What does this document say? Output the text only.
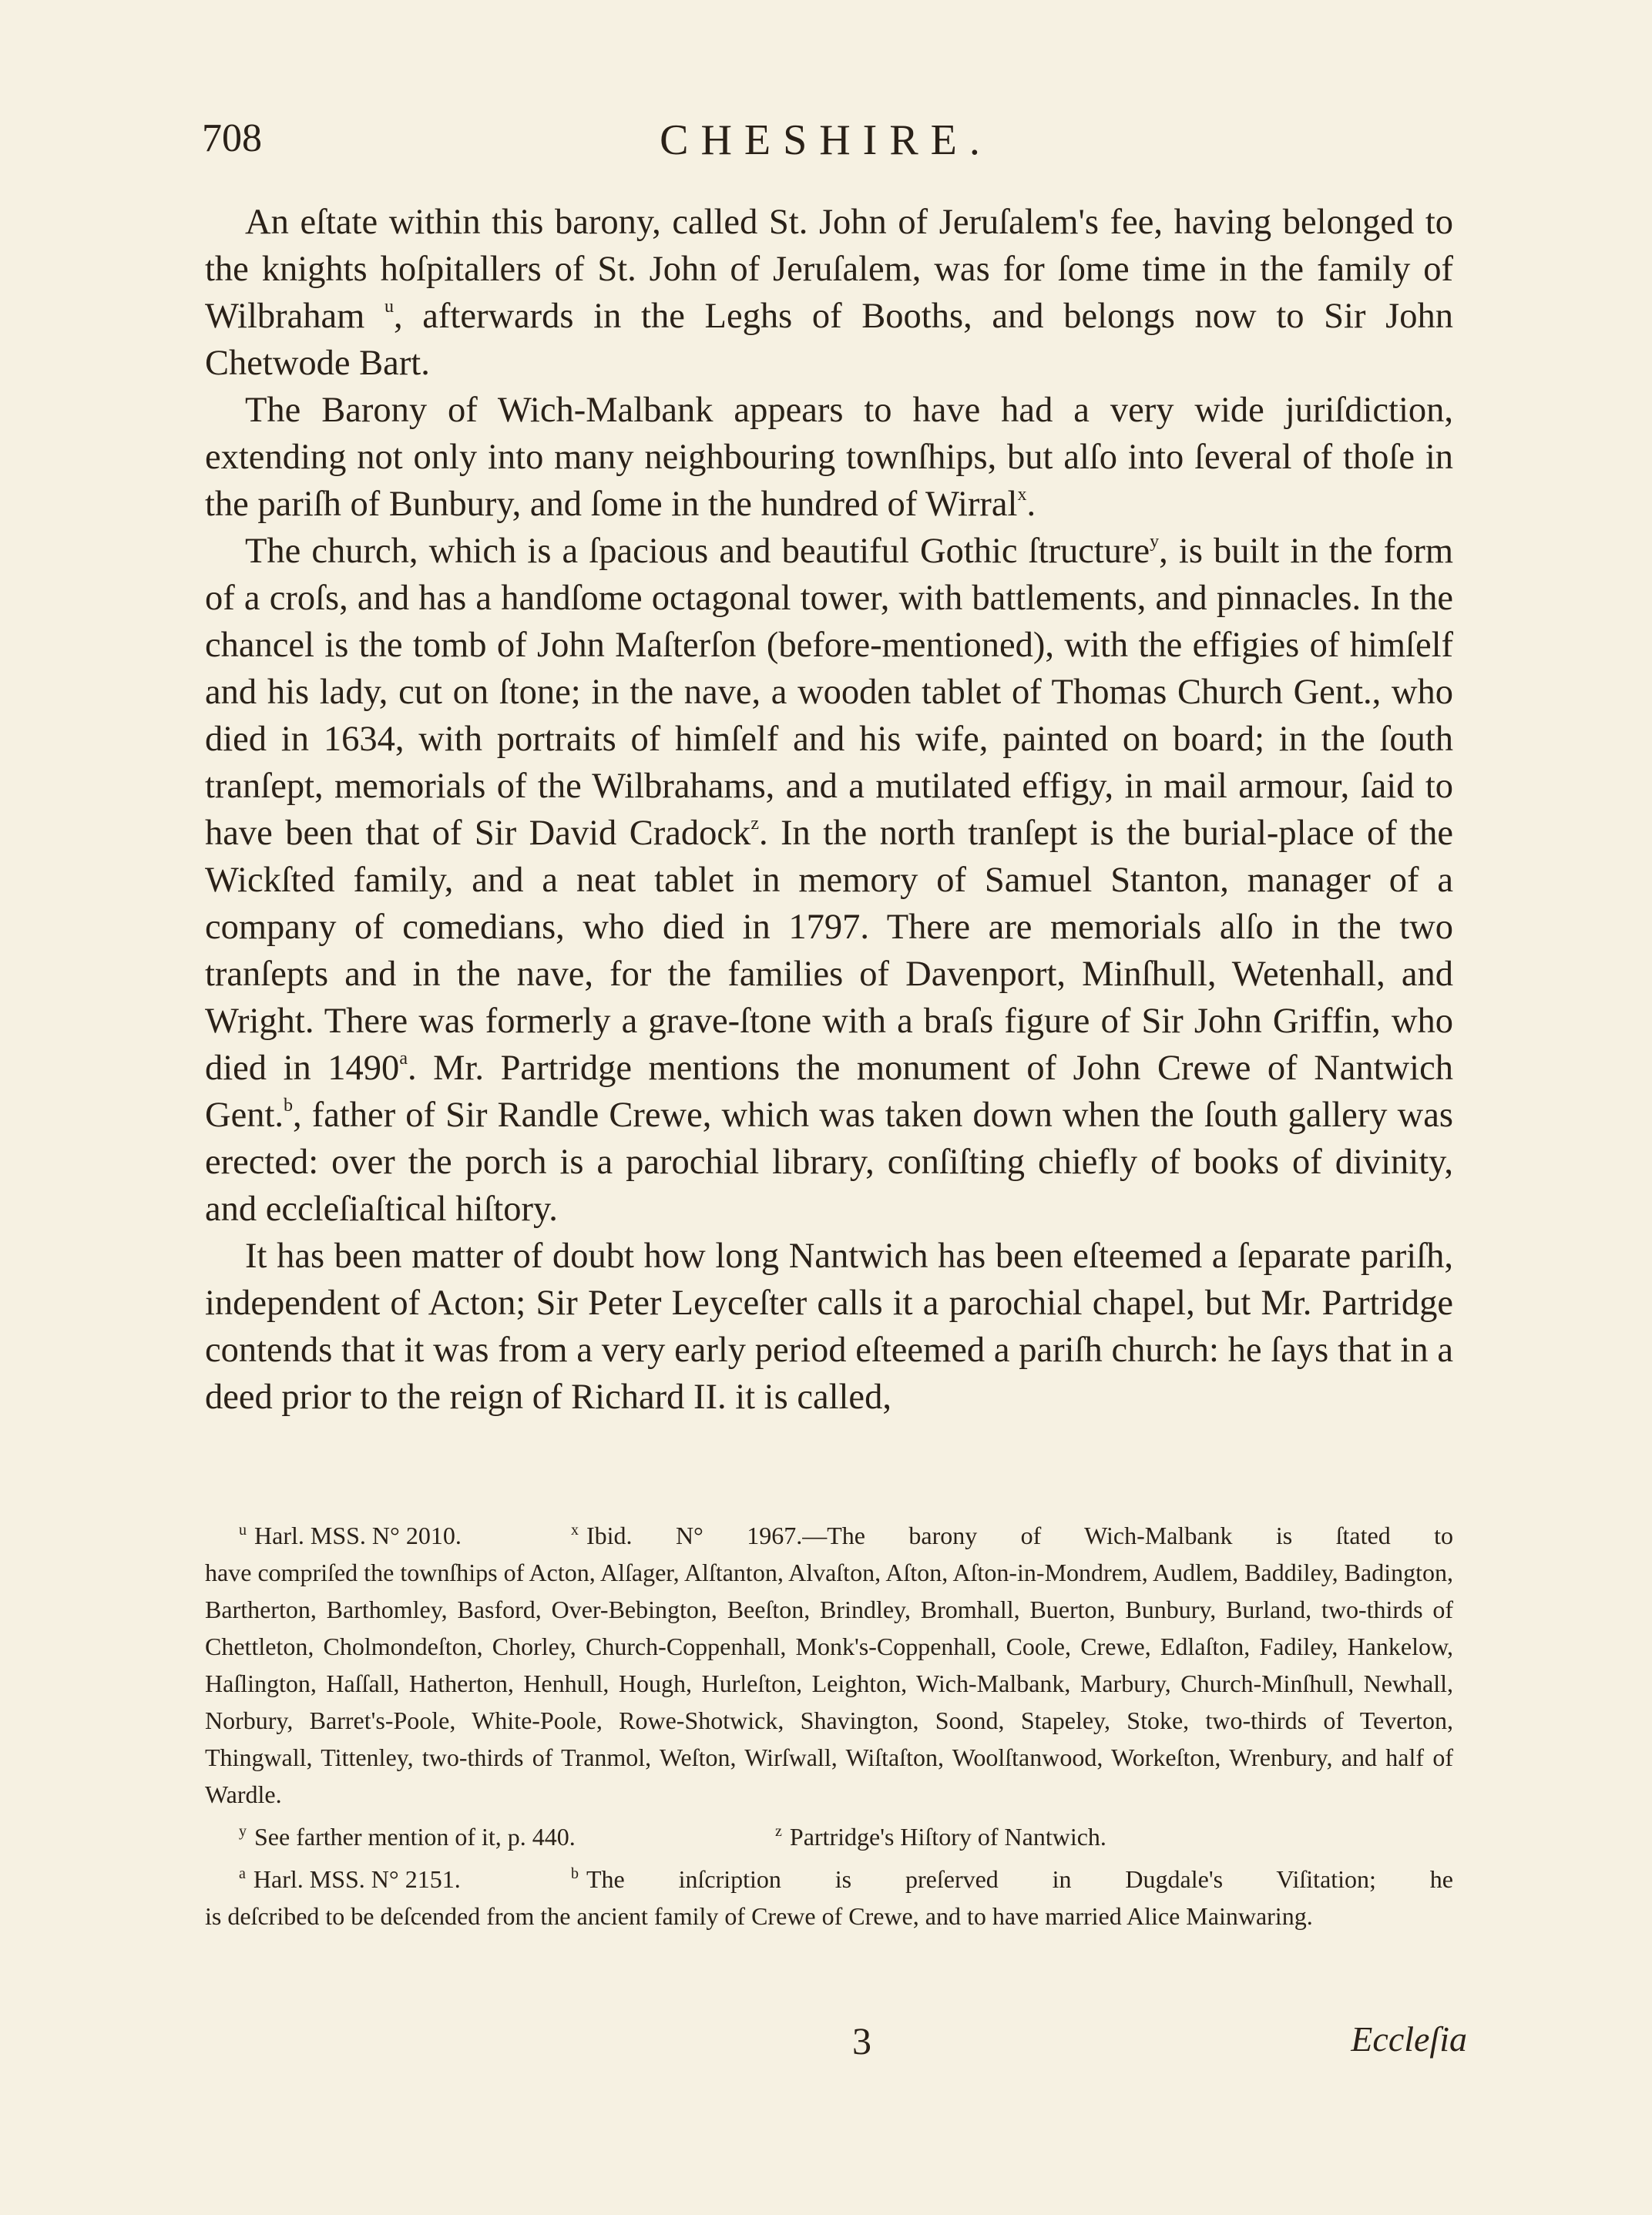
708	CHESHIRE.

An eſtate within this barony, called St. John of Jeruſalem's fee, having belonged to the knights hoſpitallers of St. John of Jeruſalem, was for ſome time in the family of Wilbraham $^u$, afterwards in the Leghs of Booths, and belongs now to Sir John Chetwode Bart.

The Barony of Wich-Malbank appears to have had a very wide juriſdiction, extending not only into many neighbouring townſhips, but alſo into ſeveral of thoſe in the pariſh of Bunbury, and ſome in the hundred of Wirral$^x$.

The church, which is a ſpacious and beautiful Gothic ſtructure$^y$, is built in the form of a croſs, and has a handſome octagonal tower, with battlements, and pinnacles. In the chancel is the tomb of John Maſterſon (before-mentioned), with the effigies of himſelf and his lady, cut on ſtone; in the nave, a wooden tablet of Thomas Church Gent., who died in 1634, with portraits of himſelf and his wife, painted on board; in the ſouth tranſept, memorials of the Wilbrahams, and a mutilated effigy, in mail armour, ſaid to have been that of Sir David Cradock$^z$. In the north tranſept is the burial-place of the Wickſted family, and a neat tablet in memory of Samuel Stanton, manager of a company of comedians, who died in 1797. There are memorials alſo in the two tranſepts and in the nave, for the families of Davenport, Minſhull, Wetenhall, and Wright. There was formerly a grave-ſtone with a braſs figure of Sir John Griffin, who died in 1490$^a$. Mr. Partridge mentions the monument of John Crewe of Nantwich Gent.$^b$, father of Sir Randle Crewe, which was taken down when the ſouth gallery was erected: over the porch is a parochial library, conſiſting chiefly of books of divinity, and eccleſiaſtical hiſtory.

It has been matter of doubt how long Nantwich has been eſteemed a ſeparate pariſh, independent of Acton; Sir Peter Leyceſter calls it a parochial chapel, but Mr. Partridge contends that it was from a very early period eſteemed a pariſh church: he ſays that in a deed prior to the reign of Richard II. it is called,

$^u$ Harl. MSS. N° 2010.	$^x$ Ibid. N° 1967.—The barony of Wich-Malbank is ſtated to

have compriſed the townſhips of Acton, Alſager, Alſtanton, Alvaſton, Aſton, Aſton-in-Mondrem, Audlem, Baddiley, Badington, Bartherton, Barthomley, Basford, Over-Bebington, Beeſton, Brindley, Bromhall, Buerton, Bunbury, Burland, two-thirds of Chettleton, Cholmondeſton, Chorley, Church-Coppenhall, Monk's-Coppenhall, Coole, Crewe, Edlaſton, Fadiley, Hankelow, Haſlington, Haſſall, Hatherton, Henhull, Hough, Hurleſton, Leighton, Wich-Malbank, Marbury, Church-Minſhull, Newhall, Norbury, Barret's-Poole, White-Poole, Rowe-Shotwick, Shavington, Soond, Stapeley, Stoke, two-thirds of Teverton, Thingwall, Tittenley, two-thirds of Tranmol, Weſton, Wirſwall, Wiſtaſton, Woolſtanwood, Workeſton, Wrenbury, and half of Wardle.

$^y$ See farther mention of it, p. 440.	$^z$ Partridge's Hiſtory of Nantwich.
$^a$ Harl. MSS. N° 2151.	$^b$ The inſcription is preſerved in Dugdale's Viſitation; he

is deſcribed to be deſcended from the ancient family of Crewe of Crewe, and to have married Alice Mainwaring.

3	Eccleſia
